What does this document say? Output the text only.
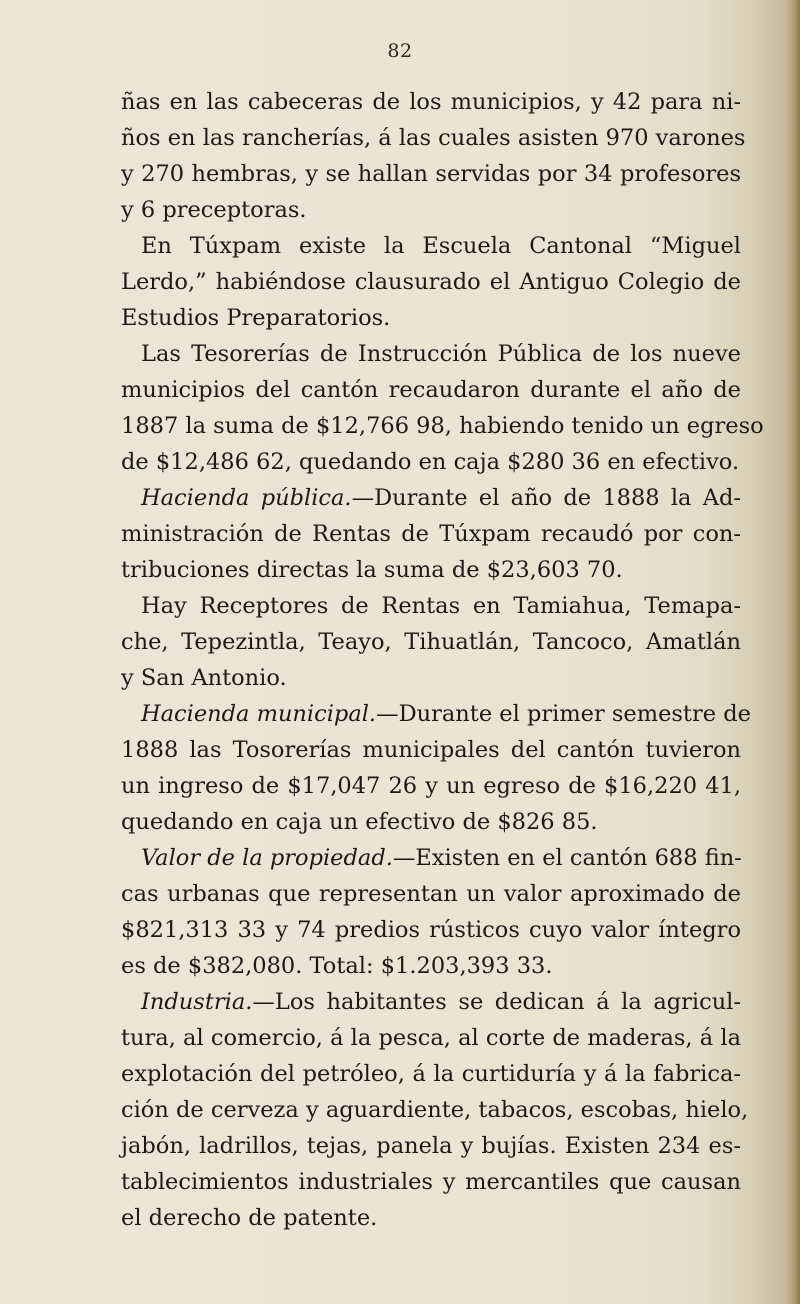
82
ñas en las cabeceras de los municipios, y 42 para ni-
ños en las rancherías, á las cuales asisten 970 varones
y 270 hembras, y se hallan servidas por 34 profesores
y 6 preceptoras.
En Túxpam existe la Escuela Cantonal “Miguel
Lerdo,” habiéndose clausurado el Antiguo Colegio de
Estudios Preparatorios.
Las Tesorerías de Instrucción Pública de los nueve
municipios del cantón recaudaron durante el año de
1887 la suma de $12,766 98, habiendo tenido un egreso
de $12,486 62, quedando en caja $280 36 en efectivo.
Hacienda pública.—Durante el año de 1888 la Ad-
ministración de Rentas de Túxpam recaudó por con-
tribuciones directas la suma de $23,603 70.
Hay Receptores de Rentas en Tamiahua, Temapa-
che, Tepezintla, Teayo, Tihuatlán, Tancoco, Amatlán
y San Antonio.
Hacienda municipal.—Durante el primer semestre de
1888 las Tosorerías municipales del cantón tuvieron
un ingreso de $17,047 26 y un egreso de $16,220 41,
quedando en caja un efectivo de $826 85.
Valor de la propiedad.—Existen en el cantón 688 fin-
cas urbanas que representan un valor aproximado de
$821,313 33 y 74 predios rústicos cuyo valor íntegro
es de $382,080. Total: $1.203,393 33.
Industria.—Los habitantes se dedican á la agricul-
tura, al comercio, á la pesca, al corte de maderas, á la
explotación del petróleo, á la curtiduría y á la fabrica-
ción de cerveza y aguardiente, tabacos, escobas, hielo,
jabón, ladrillos, tejas, panela y bujías. Existen 234 es-
tablecimientos industriales y mercantiles que causan
el derecho de patente.
